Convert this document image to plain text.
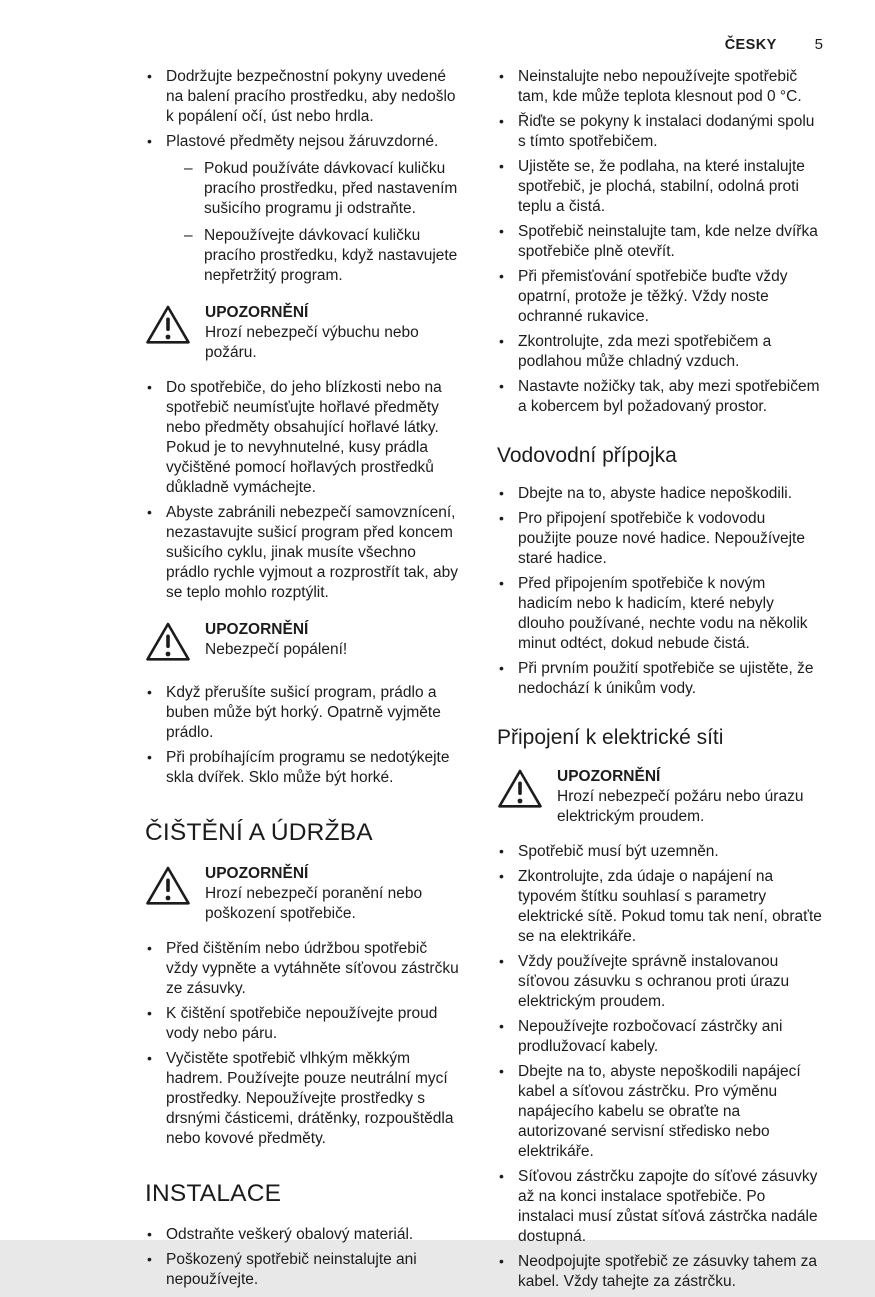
ČESKY	5
• Dodržujte bezpečnostní pokyny uvedené na balení pracího prostředku, aby nedošlo k popálení očí, úst nebo hrdla.
• Plastové předměty nejsou žáruvzdorné.
– Pokud používáte dávkovací kuličku pracího prostředku, před nastavením sušicího programu ji odstraňte.
– Nepoužívejte dávkovací kuličku pracího prostředku, když nastavujete nepřetržitý program.
UPOZORNĚNÍ
Hrozí nebezpečí výbuchu nebo požáru.
• Do spotřebiče, do jeho blízkosti nebo na spotřebič neumísťujte hořlavé předměty nebo předměty obsahující hořlavé látky. Pokud je to nevyhnutelné, kusy prádla vyčištěné pomocí hořlavých prostředků důkladně vymáchejte.
• Abyste zabránili nebezpečí samovznícení, nezastavujte sušicí program před koncem sušicího cyklu, jinak musíte všechno prádlo rychle vyjmout a rozprostřít tak, aby se teplo mohlo rozptýlit.
UPOZORNĚNÍ
Nebezpečí popálení!
• Když přerušíte sušicí program, prádlo a buben může být horký. Opatrně vyjměte prádlo.
• Při probíhajícím programu se nedotýkejte skla dvířek. Sklo může být horké.
ČIŠTĚNÍ A ÚDRŽBA
UPOZORNĚNÍ
Hrozí nebezpečí poranění nebo poškození spotřebiče.
• Před čištěním nebo údržbou spotřebič vždy vypněte a vytáhněte síťovou zástrčku ze zásuvky.
• K čištění spotřebiče nepoužívejte proud vody nebo páru.
• Vyčistěte spotřebič vlhkým měkkým hadrem. Používejte pouze neutrální mycí prostředky. Nepoužívejte prostředky s drsnými částicemi, drátěnky, rozpouštědla nebo kovové předměty.
INSTALACE
• Odstraňte veškerý obalový materiál.
• Poškozený spotřebič neinstalujte ani nepoužívejte.
• Neinstalujte nebo nepoužívejte spotřebič tam, kde může teplota klesnout pod 0 °C.
• Řiďte se pokyny k instalaci dodanými spolu s tímto spotřebičem.
• Ujistěte se, že podlaha, na které instalujte spotřebič, je plochá, stabilní, odolná proti teplu a čistá.
• Spotřebič neinstalujte tam, kde nelze dvířka spotřebiče plně otevřít.
• Při přemisťování spotřebiče buďte vždy opatrní, protože je těžký. Vždy noste ochranné rukavice.
• Zkontrolujte, zda mezi spotřebičem a podlahou může chladný vzduch.
• Nastavte nožičky tak, aby mezi spotřebičem a kobercem byl požadovaný prostor.
Vodovodní přípojka
• Dbejte na to, abyste hadice nepoškodili.
• Pro připojení spotřebiče k vodovodu použijte pouze nové hadice. Nepoužívejte staré hadice.
• Před připojením spotřebiče k novým hadicím nebo k hadicím, které nebyly dlouho používané, nechte vodu na několik minut odtéct, dokud nebude čistá.
• Při prvním použití spotřebiče se ujistěte, že nedochází k únikům vody.
Připojení k elektrické síti
UPOZORNĚNÍ
Hrozí nebezpečí požáru nebo úrazu elektrickým proudem.
• Spotřebič musí být uzemněn.
• Zkontrolujte, zda údaje o napájení na typovém štítku souhlasí s parametry elektrické sítě. Pokud tomu tak není, obraťte se na elektrikáře.
• Vždy používejte správně instalovanou síťovou zásuvku s ochranou proti úrazu elektrickým proudem.
• Nepoužívejte rozbočovací zástrčky ani prodlužovací kabely.
• Dbejte na to, abyste nepoškodili napájecí kabel a síťovou zástrčku. Pro výměnu napájecího kabelu se obraťte na autorizované servisní středisko nebo elektrikáře.
• Síťovou zástrčku zapojte do síťové zásuvky až na konci instalace spotřebiče. Po instalaci musí zůstat síťová zástrčka nadále dostupná.
• Neodpojujte spotřebič ze zásuvky tahem za kabel. Vždy tahejte za zástrčku.
